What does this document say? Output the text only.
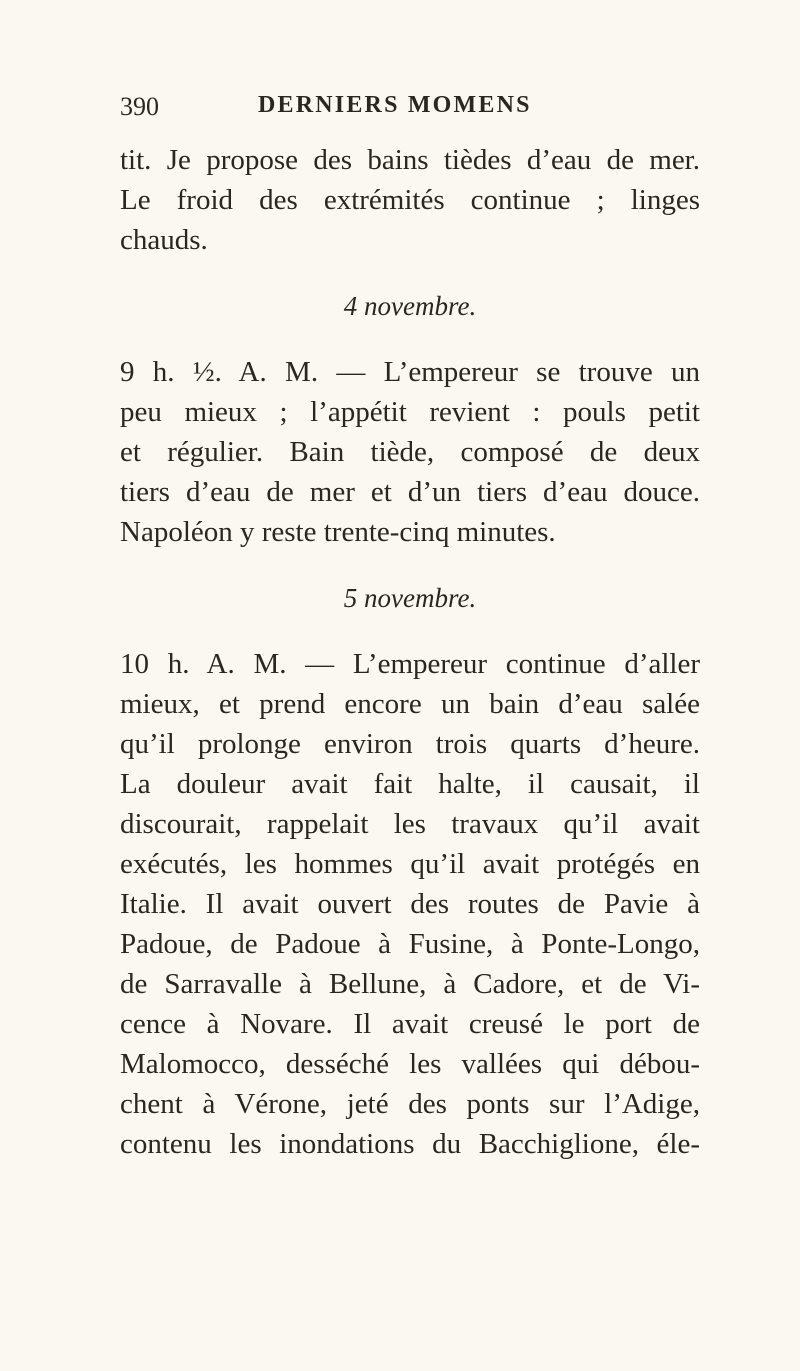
390	DERNIERS MOMENS
tit. Je propose des bains tièdes d’eau de mer.
Le froid des extrémités continue ; linges
chauds.
4 novembre.
9 h. ½. A. M. — L’empereur se trouve un
peu mieux ; l’appétit revient : pouls petit
et régulier. Bain tiède, composé de deux
tiers d’eau de mer et d’un tiers d’eau douce.
Napoléon y reste trente-cinq minutes.
5 novembre.
10 h. A. M. — L’empereur continue d’aller
mieux, et prend encore un bain d’eau salée
qu’il prolonge environ trois quarts d’heure.
La douleur avait fait halte, il causait, il
discourait, rappelait les travaux qu’il avait
exécutés, les hommes qu’il avait protégés en
Italie. Il avait ouvert des routes de Pavie à
Padoue, de Padoue à Fusine, à Ponte-Longo,
de Sarravalle à Bellune, à Cadore, et de Vi-
cence à Novare. Il avait creusé le port de
Malomocco, desséché les vallées qui débou-
chent à Vérone, jeté des ponts sur l’Adige,
contenu les inondations du Bacchiglione, éle-
